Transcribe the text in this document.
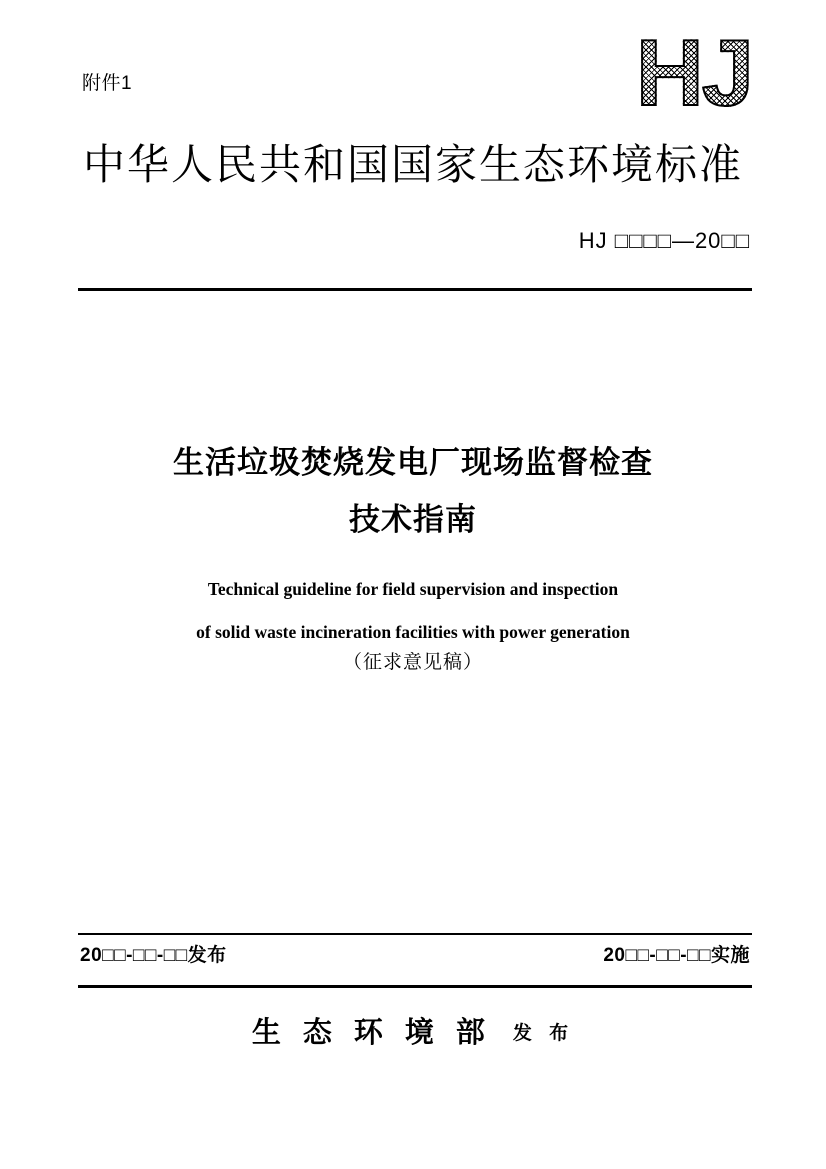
附件1	HJ
中华人民共和国国家生态环境标准
HJ □□□□—20□□
生活垃圾焚烧发电厂现场监督检查
技术指南
Technical guideline for field supervision and inspection
of solid waste incineration facilities with power generation
（征求意见稿）
20□□-□□-□□发布	20□□-□□-□□实施
生态环境部 发 布
